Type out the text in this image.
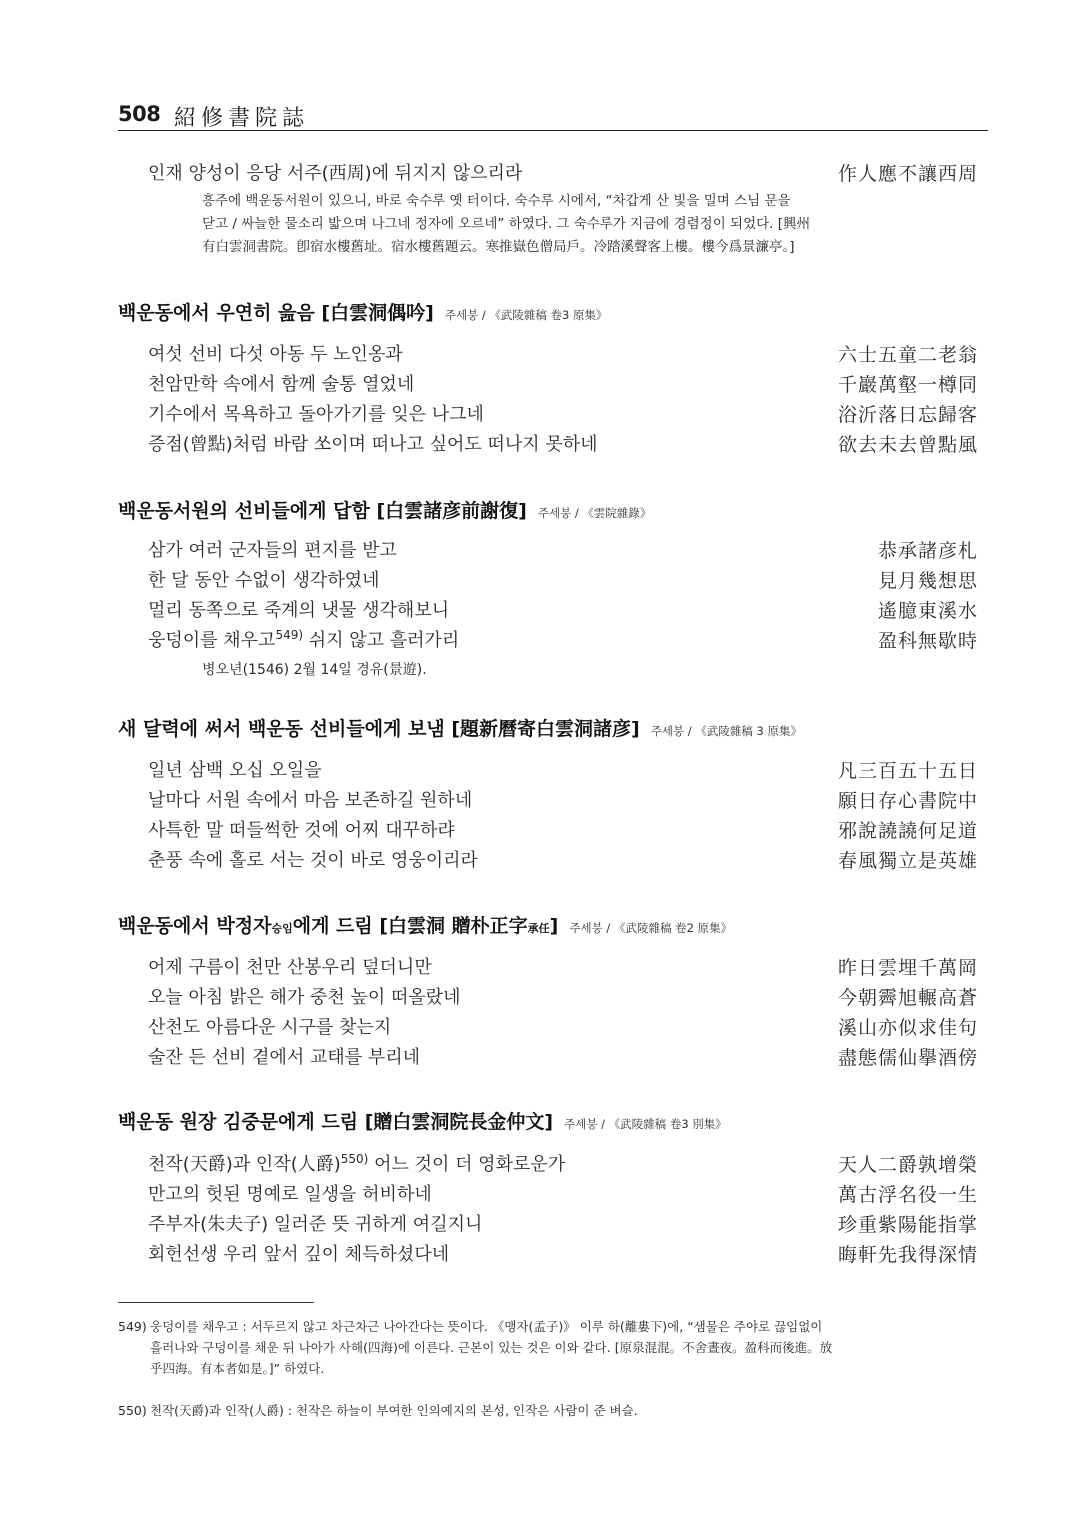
508 紹修書院誌
인재 양성이 응당 서주(西周)에 뒤지지 않으리라	作人應不讓西周
흥주에 백운동서원이 있으니, 바로 숙수루 옛 터이다. 숙수루 시에서, “차갑게 산 빛을 밀며 스님 문을
닫고 / 싸늘한 물소리 밟으며 나그네 정자에 오르네” 하였다. 그 숙수루가 지금에 경렴정이 되었다. [興州
有白雲洞書院。卽宿水樓舊址。宿水樓舊題云。寒推嶽色僧局戶。冷踏溪聲客上樓。樓今爲景濂亭。]
백운동에서 우연히 읊음 [白雲洞偶吟] 주세붕 / 《武陵雜稿 卷3 原集》
여섯 선비 다섯 아동 두 노인옹과	六士五童二老翁
천암만학 속에서 함께 술통 열었네	千巖萬壑一樽同
기수에서 목욕하고 돌아가기를 잊은 나그네	浴沂落日忘歸客
증점(曾點)처럼 바람 쏘이며 떠나고 싶어도 떠나지 못하네	欲去未去曾點風
백운동서원의 선비들에게 답함 [白雲諸彦前謝復] 주세붕 / 《雲院雜錄》
삼가 여러 군자들의 편지를 받고	恭承諸彦札
한 달 동안 수없이 생각하였네	見月幾想思
멀리 동쪽으로 죽계의 냇물 생각해보니	遙臆東溪水
웅덩이를 채우고$^{549)}$ 쉬지 않고 흘러가리	盈科無歇時
병오년(1546) 2월 14일 경유(景遊).
새 달력에 써서 백운동 선비들에게 보냄 [題新曆寄白雲洞諸彦] 주세붕 / 《武陵雜稿 3 原集》
일년 삼백 오십 오일을	凡三百五十五日
날마다 서원 속에서 마음 보존하길 원하네	願日存心書院中
사특한 말 떠들썩한 것에 어찌 대꾸하랴	邪說譊譊何足道
춘풍 속에 홀로 서는 것이 바로 영웅이리라	春風獨立是英雄
백운동에서 박정자승임에게 드림 [白雲洞 贈朴正字承任] 주세붕 / 《武陵雜稿 卷2 原集》
어제 구름이 천만 산봉우리 덮더니만	昨日雲埋千萬岡
오늘 아침 밝은 해가 중천 높이 떠올랐네	今朝霽旭輾高蒼
산천도 아름다운 시구를 찾는지	溪山亦似求佳句
술잔 든 선비 곁에서 교태를 부리네	盡態儒仙擧酒傍
백운동 원장 김중문에게 드림 [贈白雲洞院長金仲文] 주세붕 / 《武陵雜稿 卷3 別集》
천작(天爵)과 인작(人爵)$^{550)}$ 어느 것이 더 영화로운가	天人二爵孰增榮
만고의 헛된 명예로 일생을 허비하네	萬古浮名役一生
주부자(朱夫子) 일러준 뜻 귀하게 여길지니	珍重紫陽能指掌
회헌선생 우리 앞서 깊이 체득하셨다네	晦軒先我得深情
549) 웅덩이를 채우고 : 서두르지 않고 차근차근 나아간다는 뜻이다. 《맹자(孟子)》 이루 하(離婁下)에, “샘물은 주야로 끊임없이
흘러나와 구덩이를 채운 뒤 나아가 사해(四海)에 이른다. 근본이 있는 것은 이와 같다. [原泉混混。不舍晝夜。盈科而後進。放
乎四海。有本者如是。]” 하였다.
550) 천작(天爵)과 인작(人爵) : 천작은 하늘이 부여한 인의예지의 본성, 인작은 사람이 준 벼슬.
